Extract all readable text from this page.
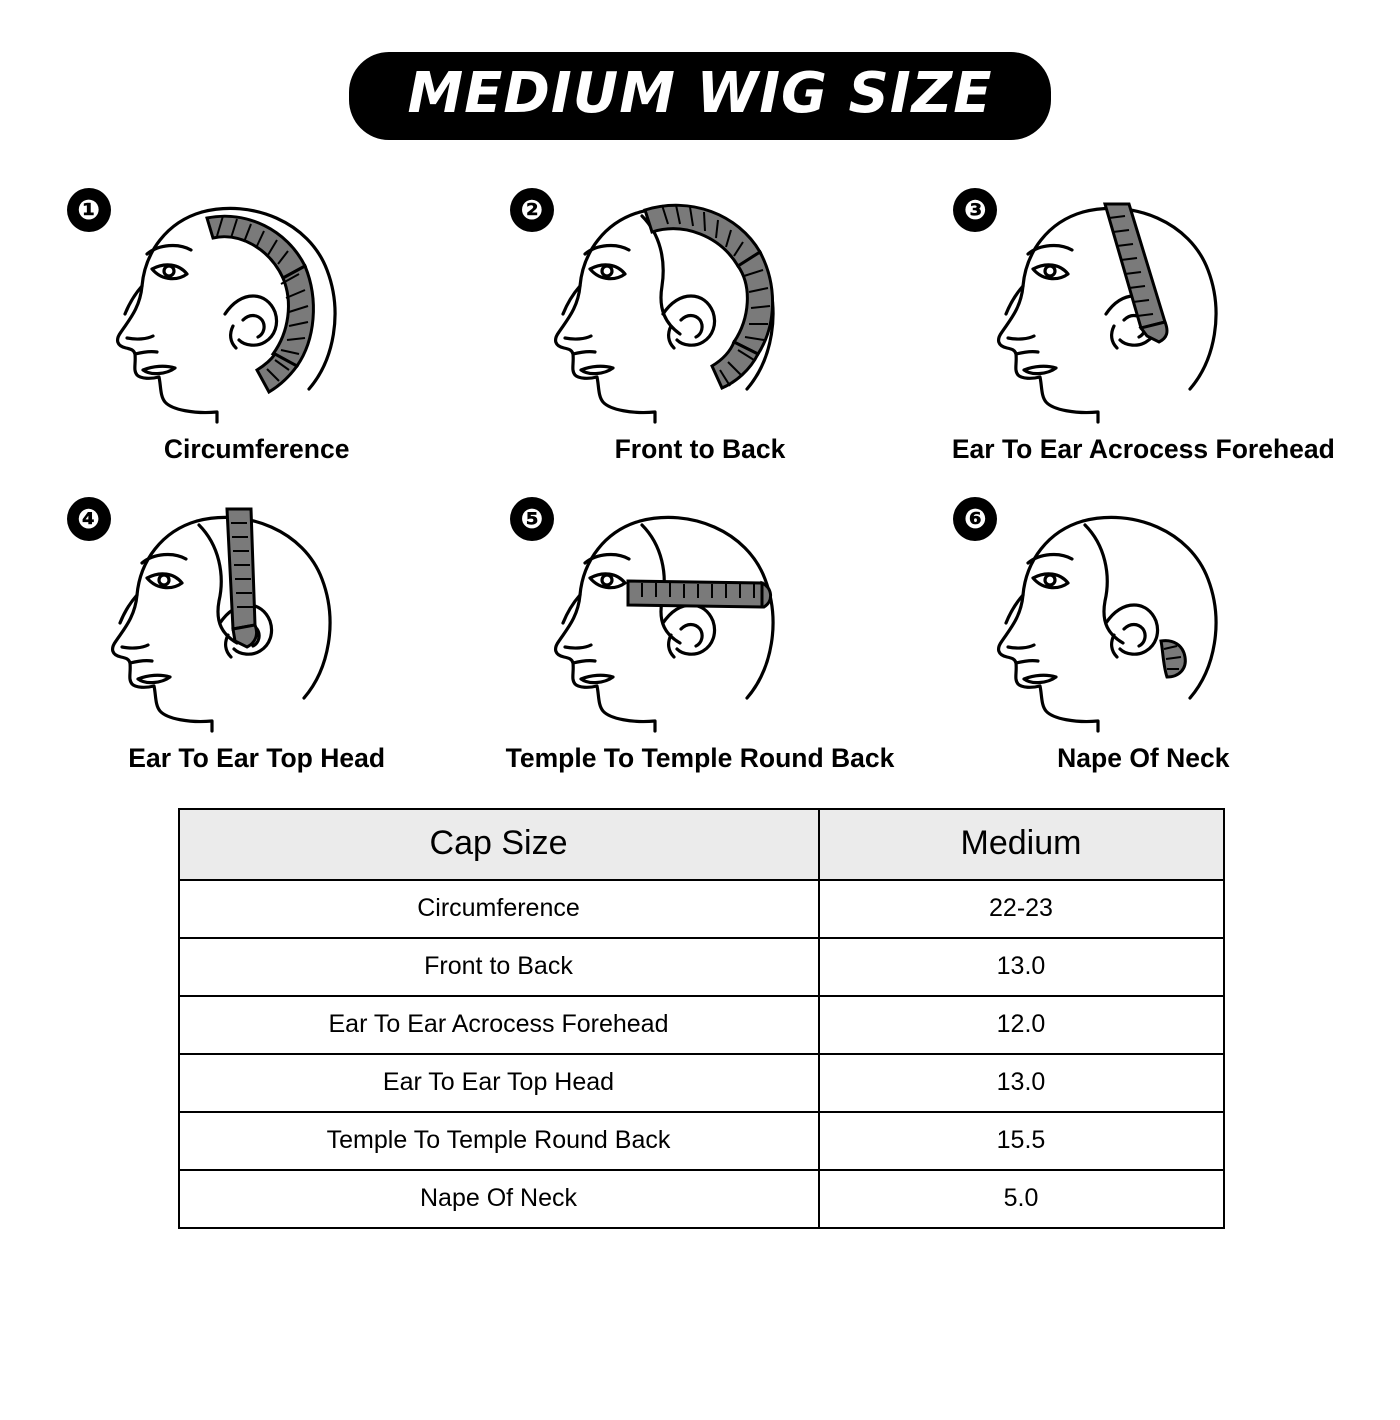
MEDIUM WIG SIZE
❶
Circumference
❷
Front to Back
❸
Ear To Ear Acrocess Forehead
❹
Ear To Ear Top Head
❺
Temple To Temple Round Back
❻
Nape Of Neck
Cap Size	Medium
Circumference	22-23
Front to Back	13.0
Ear To Ear Acrocess Forehead	12.0
Ear To Ear Top Head	13.0
Temple To Temple Round Back	15.5
Nape Of Neck	5.0
